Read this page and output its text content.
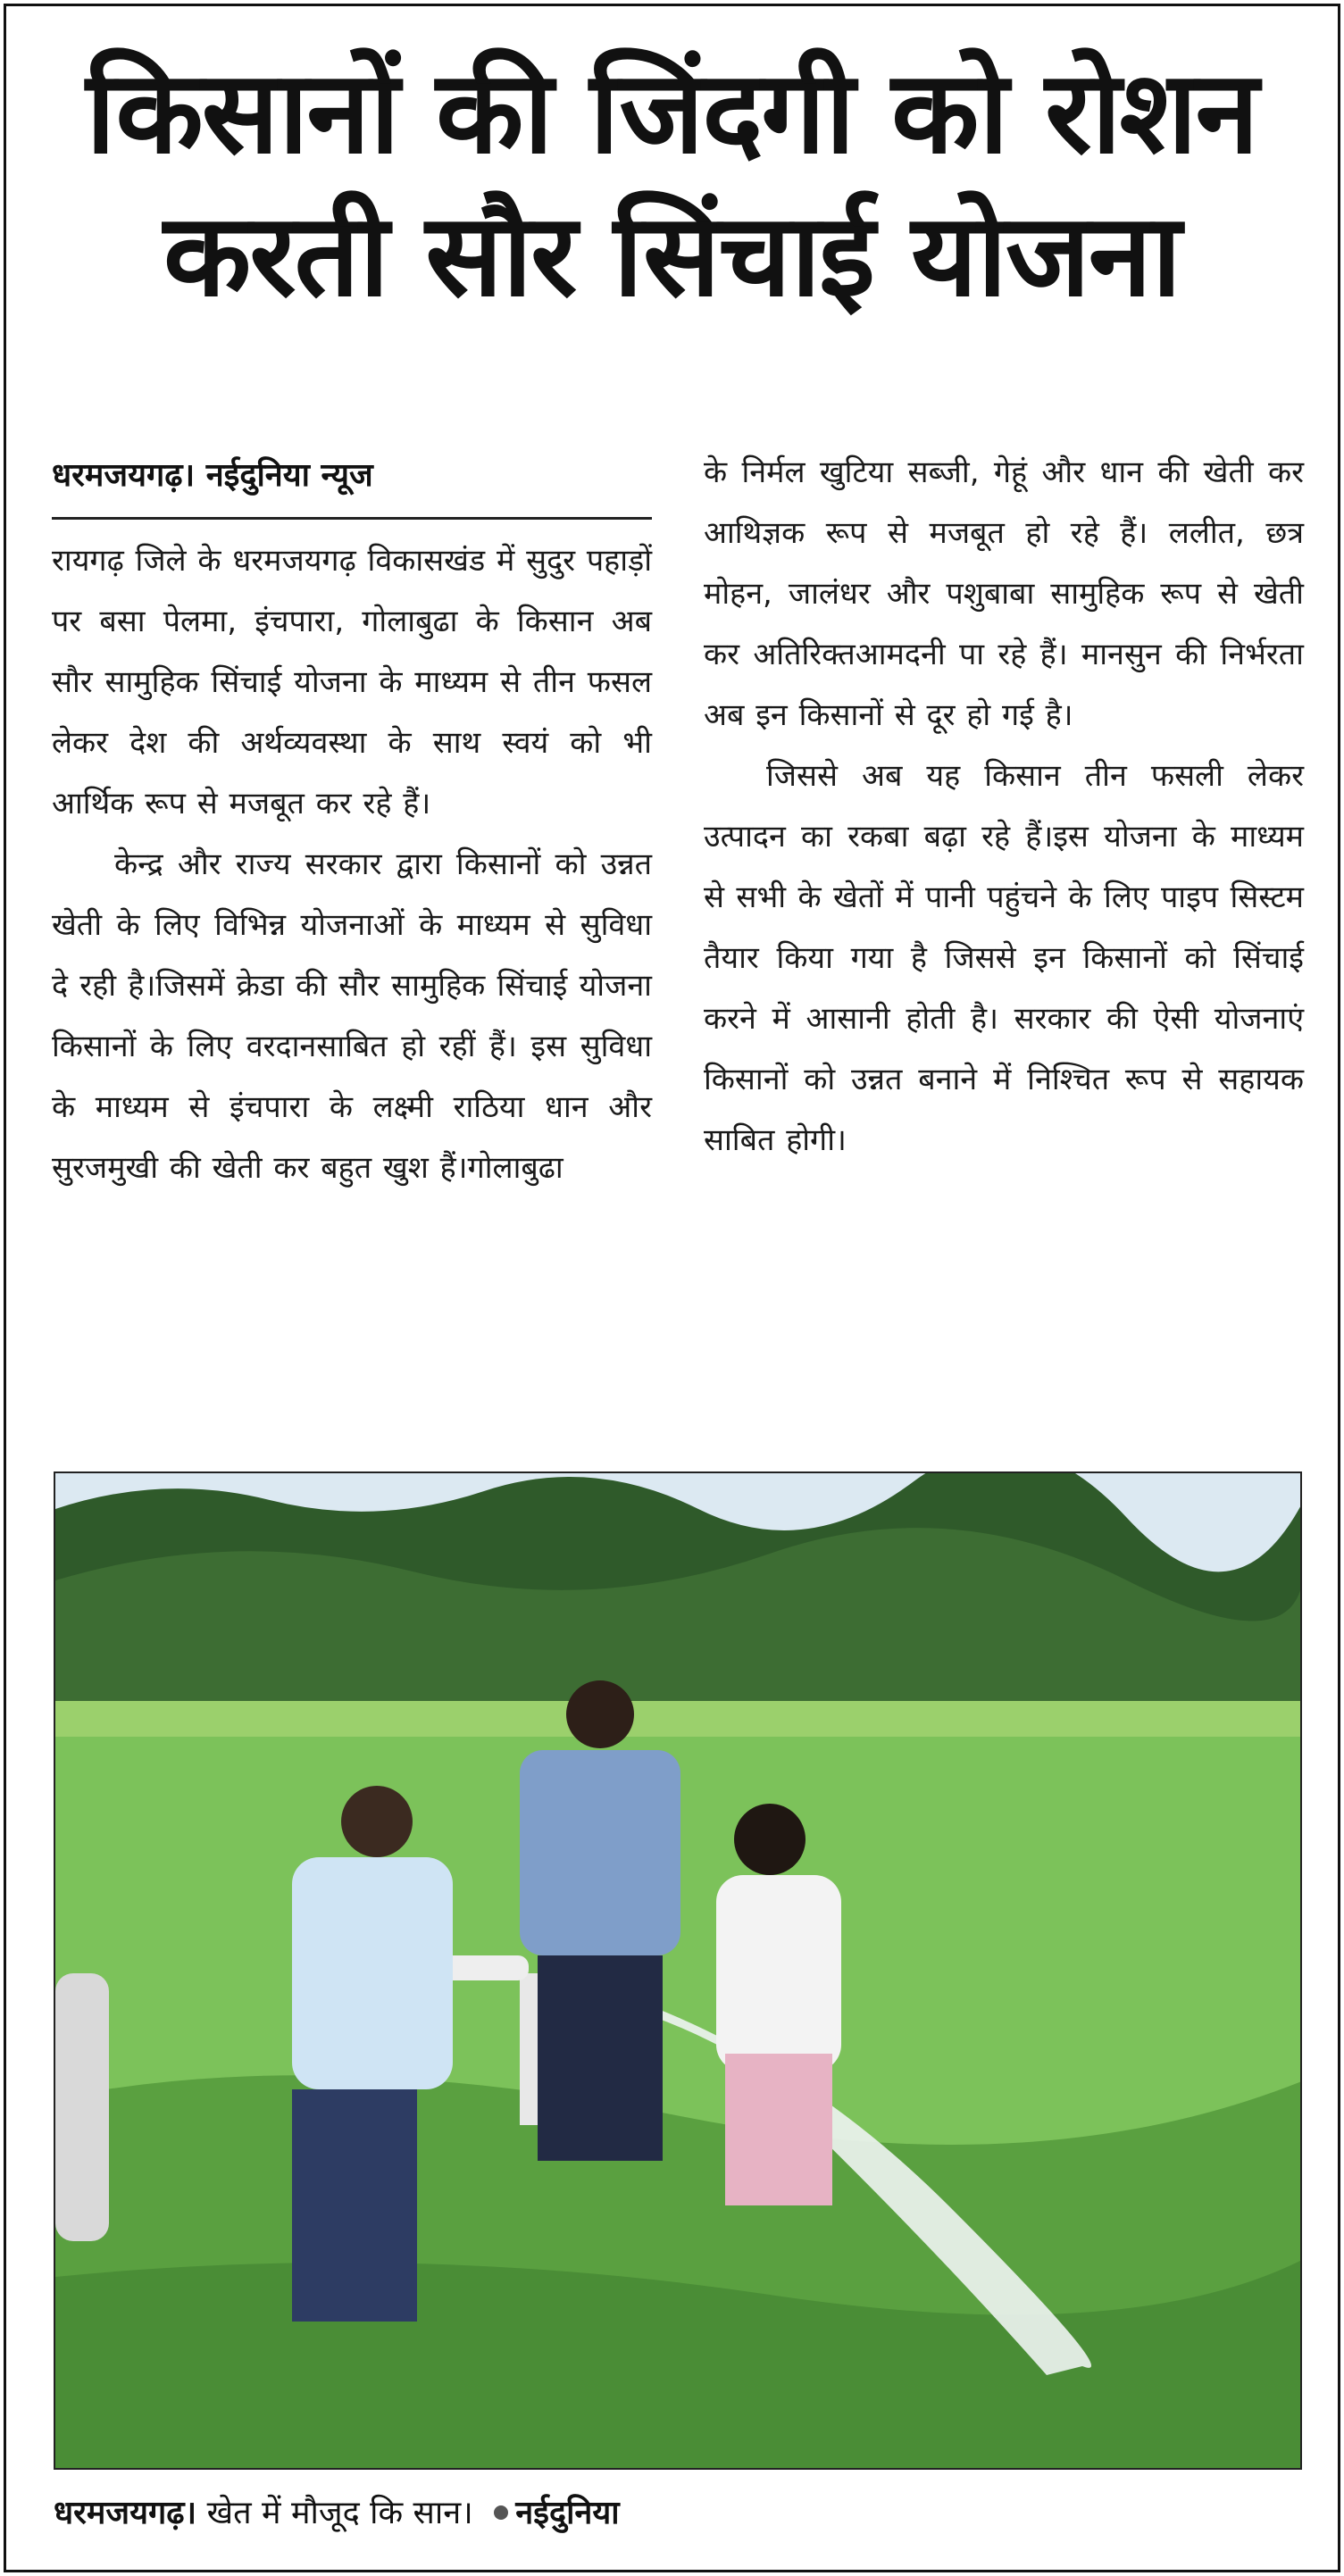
किसानों की जिंदगी को रोशन
करती सौर सिंचाई योजना
धरमजयगढ़। नईदुनिया न्यूज

रायगढ़ जिले के धरमजयगढ़ विकासखंड में सुदुर पहाड़ों पर बसा पेलमा, इंचपारा, गोलाबुढा के किसान अब सौर सामुहिक सिंचाई योजना के माध्यम से तीन फसल लेकर देश की अर्थव्यवस्था के साथ स्वयं को भी आर्थिक रूप से मजबूत कर रहे हैं।

केन्द्र और राज्य सरकार द्वारा किसानों को उन्नत खेती के लिए विभिन्न योजनाओं के माध्यम से सुविधा दे रही है।जिसमें क्रेडा की सौर सामुहिक सिंचाई योजना किसानों के लिए वरदानसाबित हो रहीं हैं। इस सुविधा के माध्यम से इंचपारा के लक्ष्मी राठिया धान और सुरजमुखी की खेती कर बहुत खुश हैं।गोलाबुढा

के निर्मल खुटिया सब्जी, गेहूं और धान की खेती कर आथिज्ञक रूप से मजबूत हो रहे हैं। ललीत, छत्र मोहन, जालंधर और पशुबाबा सामुहिक रूप से खेती कर अतिरिक्तआमदनी पा रहे हैं। मानसुन की निर्भरता अब इन किसानों से दूर हो गई है।

जिससे अब यह किसान तीन फसली लेकर उत्पादन का रकबा बढ़ा रहे हैं।इस योजना के माध्यम से सभी के खेतों में पानी पहुंचने के लिए पाइप सिस्टम तैयार किया गया है जिससे इन किसानों को सिंचाई करने में आसानी होती है। सरकार की ऐसी योजनाएं किसानों को उन्नत बनाने में निश्चित रूप से सहायक साबित होगी।

धरमजयगढ़। खेत में मौजूद कि सान। नईदुनिया
